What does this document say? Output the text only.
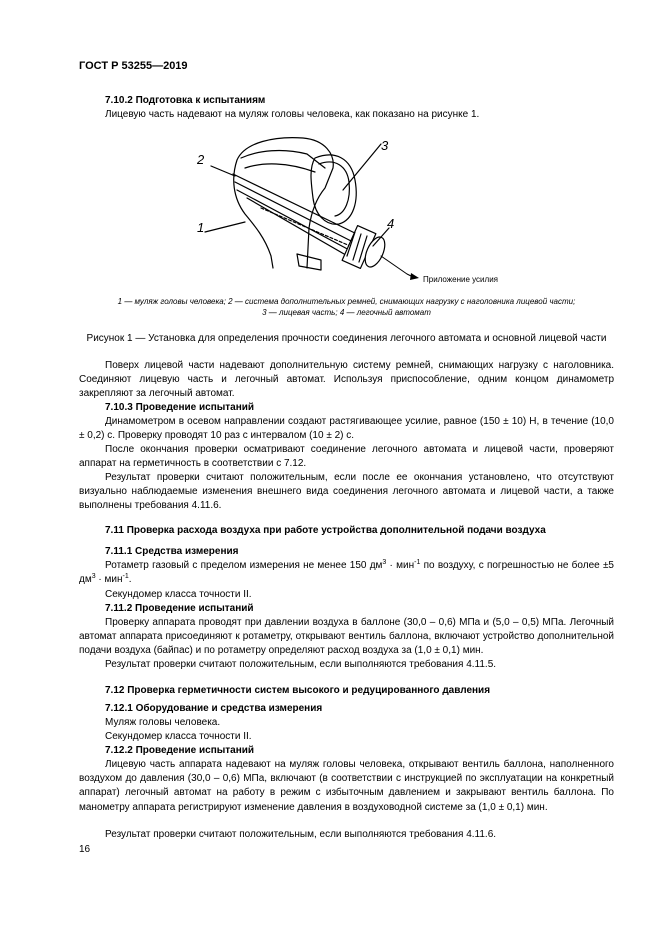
ГОСТ Р 53255—2019

7.10.2 Подготовка к испытаниям

Лицевую часть надевают на муляж головы человека, как показано на рисунке 1.

2
3
1	4
Приложение усилия

1 — муляж головы человека; 2 — система дополнительных ремней, снимающих нагрузку с наголовника лицевой части;

3 — лицевая часть; 4 — легочный автомат

Рисунок 1 — Установка для определения прочности соединения легочного автомата и основной лицевой части

Поверх лицевой части надевают дополнительную систему ремней, снимающих нагрузку с наголовника. Соединяют лицевую часть и легочный автомат. Используя приспособление, одним концом динамометр закрепляют за легочный автомат.

7.10.3 Проведение испытаний

Динамометром в осевом направлении создают растягивающее усилие, равное (150 ± 10) Н, в течение (10,0 ± 0,2) с. Проверку проводят 10 раз с интервалом (10 ± 2) с.

После окончания проверки осматривают соединение легочного автомата и лицевой части, проверяют аппарат на герметичность в соответствии с 7.12.

Результат проверки считают положительным, если после ее окончания установлено, что отсутствуют визуально наблюдаемые изменения внешнего вида соединения легочного автомата и лицевой части, а также выполнены требования 4.11.6.

7.11 Проверка расхода воздуха при работе устройства дополнительной подачи воздуха

7.11.1 Средства измерения

Ротаметр газовый с пределом измерения не менее 150 $дм^3 \cdot мин^{-1}$ по воздуху, с погрешностью не более ±5 $дм^3 \cdot мин^{-1}$.

Секундомер класса точности II.

7.11.2 Проведение испытаний

Проверку аппарата проводят при давлении воздуха в баллоне (30,0 – 0,6) МПа и (5,0 – 0,5) МПа. Легочный автомат аппарата присоединяют к ротаметру, открывают вентиль баллона, включают устройство дополнительной подачи воздуха (байпас) и по ротаметру определяют расход воздуха за (1,0 ± 0,1) мин.

Результат проверки считают положительным, если выполняются требования 4.11.5.

7.12 Проверка герметичности систем высокого и редуцированного давления

7.12.1 Оборудование и средства измерения

Муляж головы человека.

Секундомер класса точности II.

7.12.2 Проведение испытаний

Лицевую часть аппарата надевают на муляж головы человека, открывают вентиль баллона, наполненного воздухом до давления (30,0 – 0,6) МПа, включают (в соответствии с инструкцией по эксплуатации на конкретный аппарат) легочный автомат на работу в режим с избыточным давлением и закрывают вентиль баллона. По манометру аппарата регистрируют изменение давления в воздуховодной системе за (1,0 ± 0,1) мин.

Результат проверки считают положительным, если выполняются требования 4.11.6.

16
